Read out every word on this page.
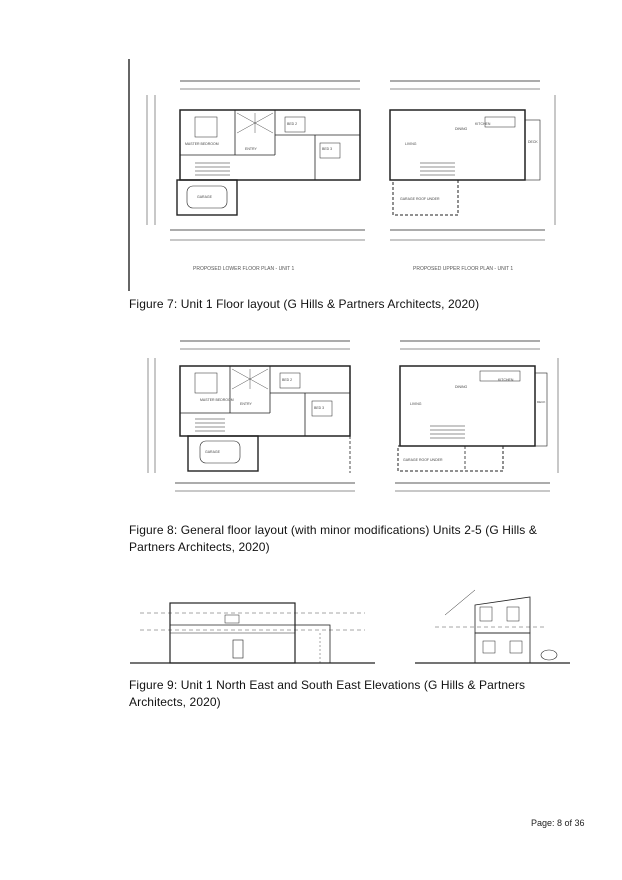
MASTER BEDROOM
BED 2
BED 3
ENTRY
GARAGE
PROPOSED LOWER FLOOR PLAN - UNIT 1
KITCHEN
DINING
LIVING	DECK
GARAGE ROOF UNDER
PROPOSED UPPER FLOOR PLAN - UNIT 1
Figure 7: Unit 1 Floor layout (G Hills & Partners Architects, 2020)
MASTER BEDROOM
BED 2
BED 3
ENTRY
GARAGE
KITCHEN
DINING
LIVING	DECK
GARAGE ROOF UNDER
Figure 8: General floor layout (with minor modifications) Units 2-5 (G Hills & Partners Architects, 2020)
Figure 9: Unit 1 North East and South East Elevations (G Hills & Partners Architects, 2020)
Page: 8 of 36
